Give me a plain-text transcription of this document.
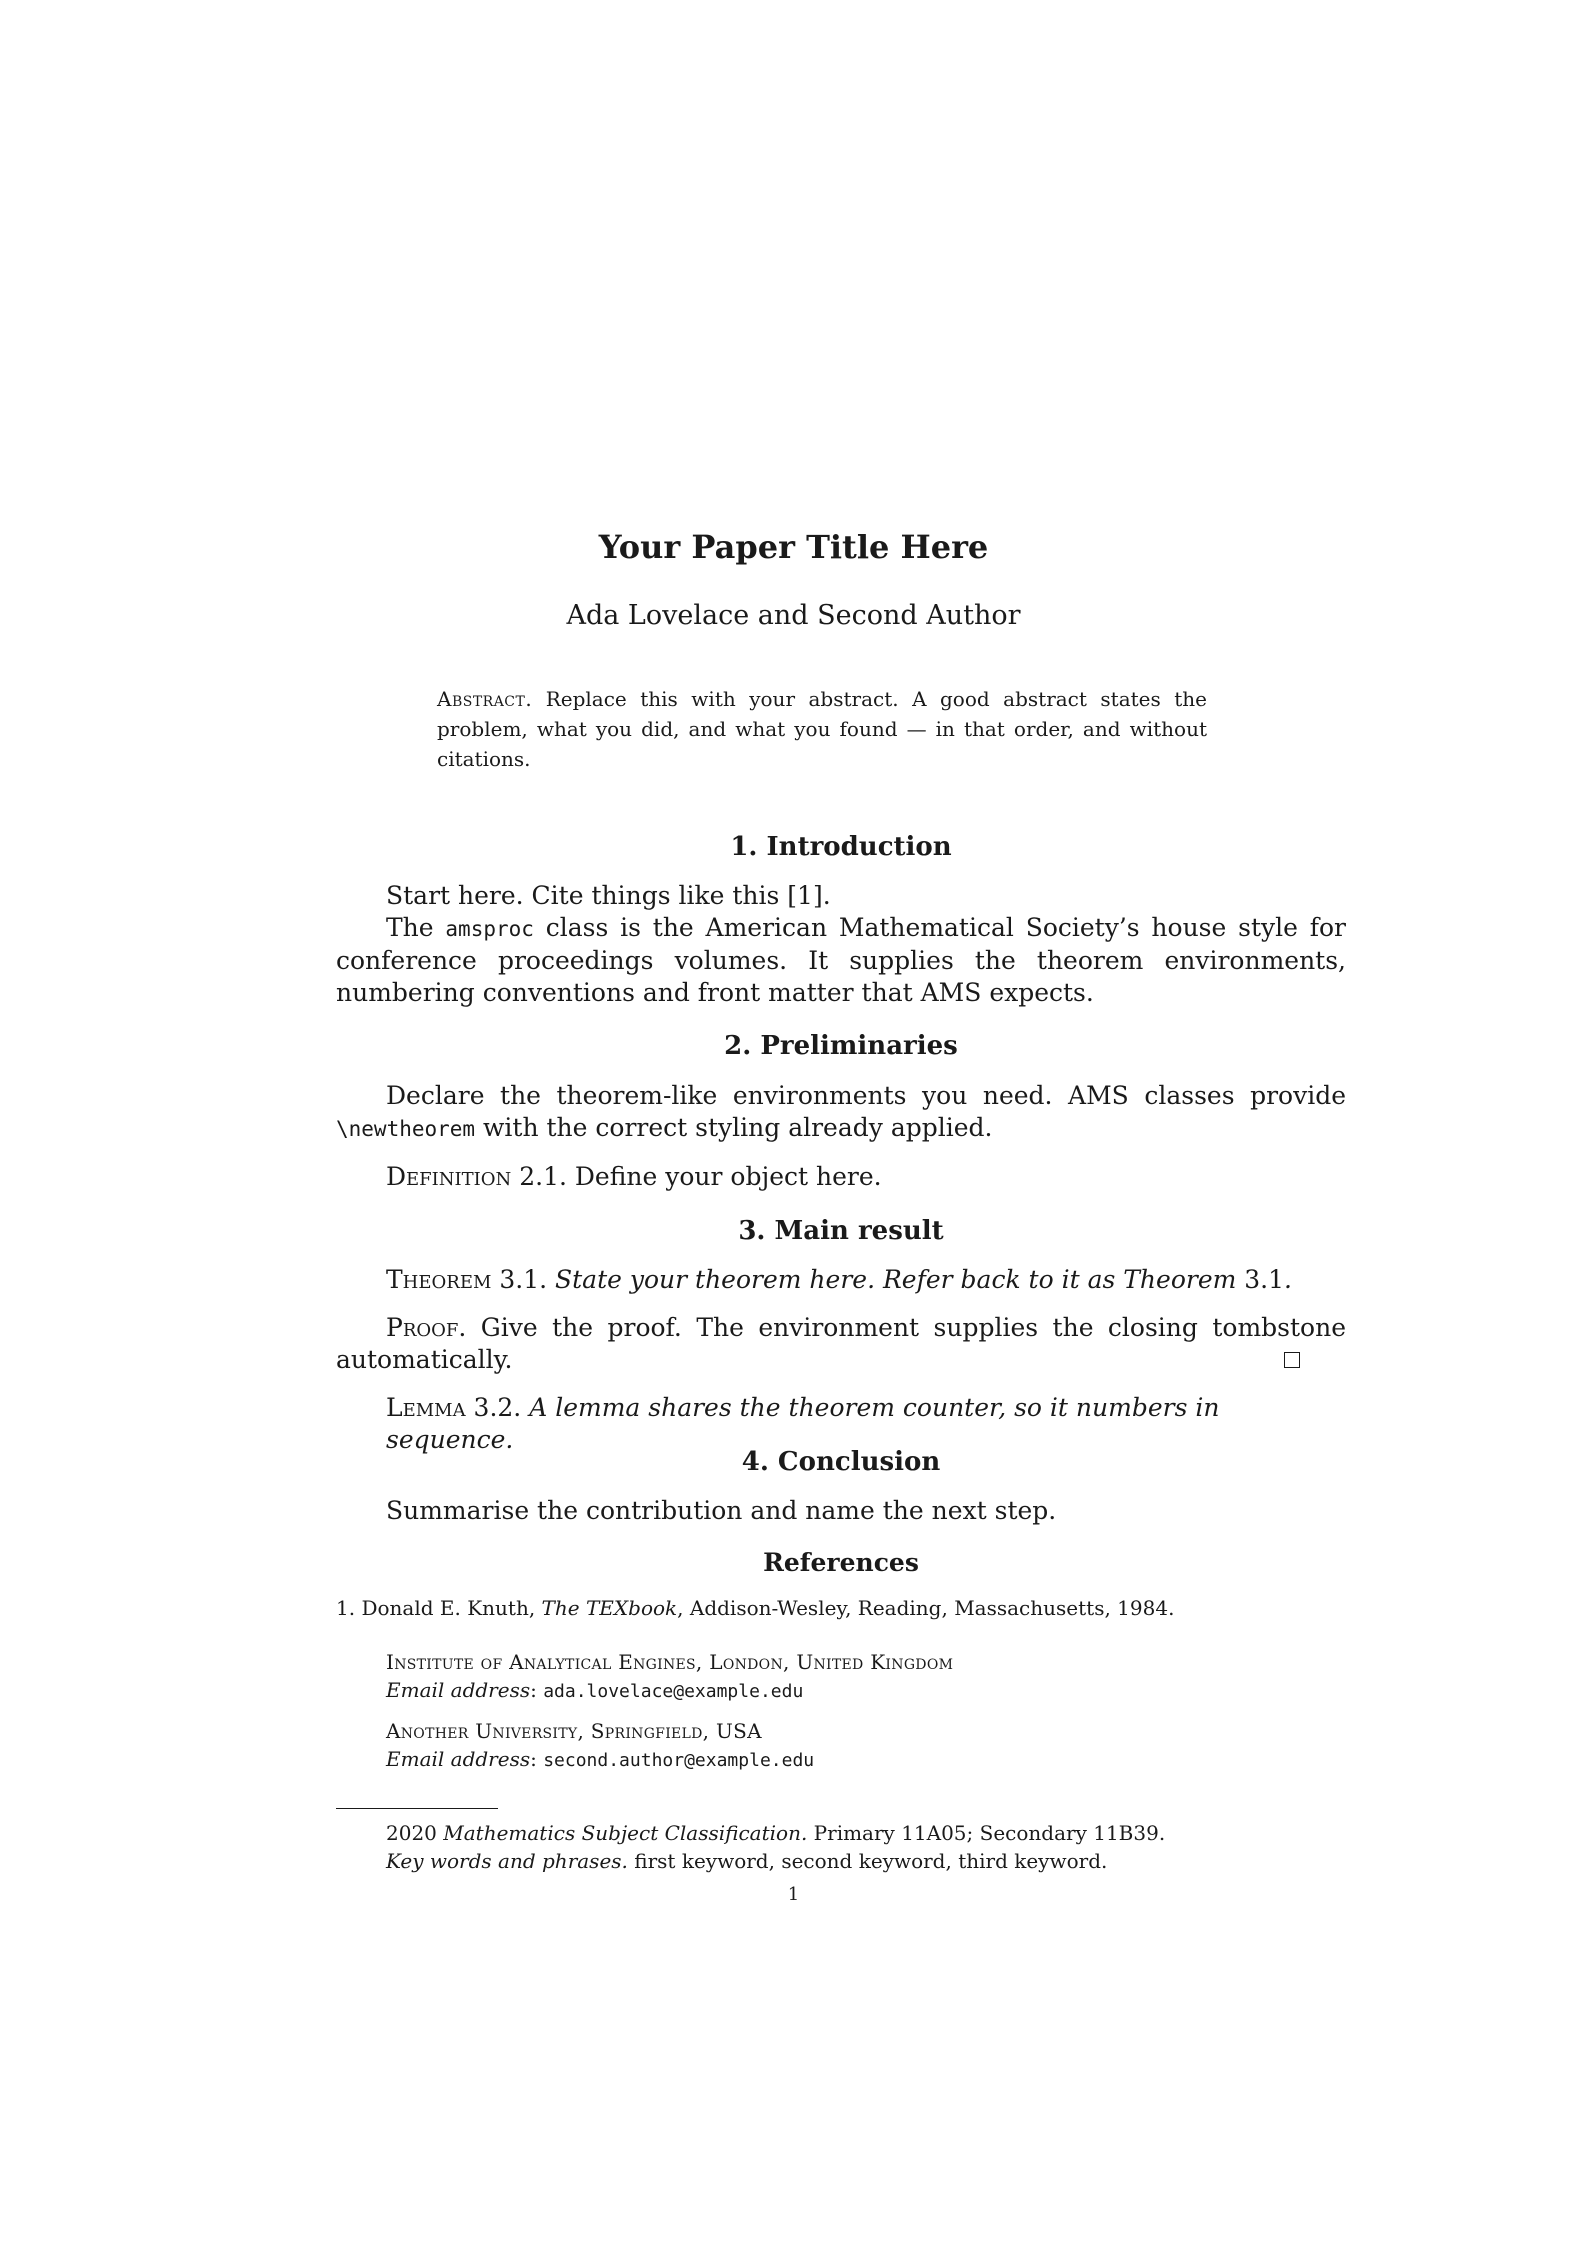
Your Paper Title Here
Ada Lovelace and Second Author
Abstract. Replace this with your abstract. A good abstract states the problem, what you did, and what you found — in that order, and without citations.
1. Introduction
Start here. Cite things like this [1].
The amsproc class is the American Mathematical Society’s house style for conference proceedings volumes. It supplies the theorem environments, numbering conventions and front matter that AMS expects.
2. Preliminaries
Declare the theorem-like environments you need. AMS classes provide \newtheorem with the correct styling already applied.
Definition 2.1. Define your object here.
3. Main result
Theorem 3.1. State your theorem here. Refer back to it as Theorem 3.1.
Proof. Give the proof. The environment supplies the closing tombstone automatically.
Lemma 3.2. A lemma shares the theorem counter, so it numbers in sequence.
4. Conclusion
Summarise the contribution and name the next step.
References
1. Donald E. Knuth, The TEXbook, Addison-Wesley, Reading, Massachusetts, 1984.
Institute of Analytical Engines, London, United Kingdom
Email address: ada.lovelace@example.edu
Another University, Springfield, USA
Email address: second.author@example.edu
2020 Mathematics Subject Classification. Primary 11A05; Secondary 11B39.
Key words and phrases. first keyword, second keyword, third keyword.
1
